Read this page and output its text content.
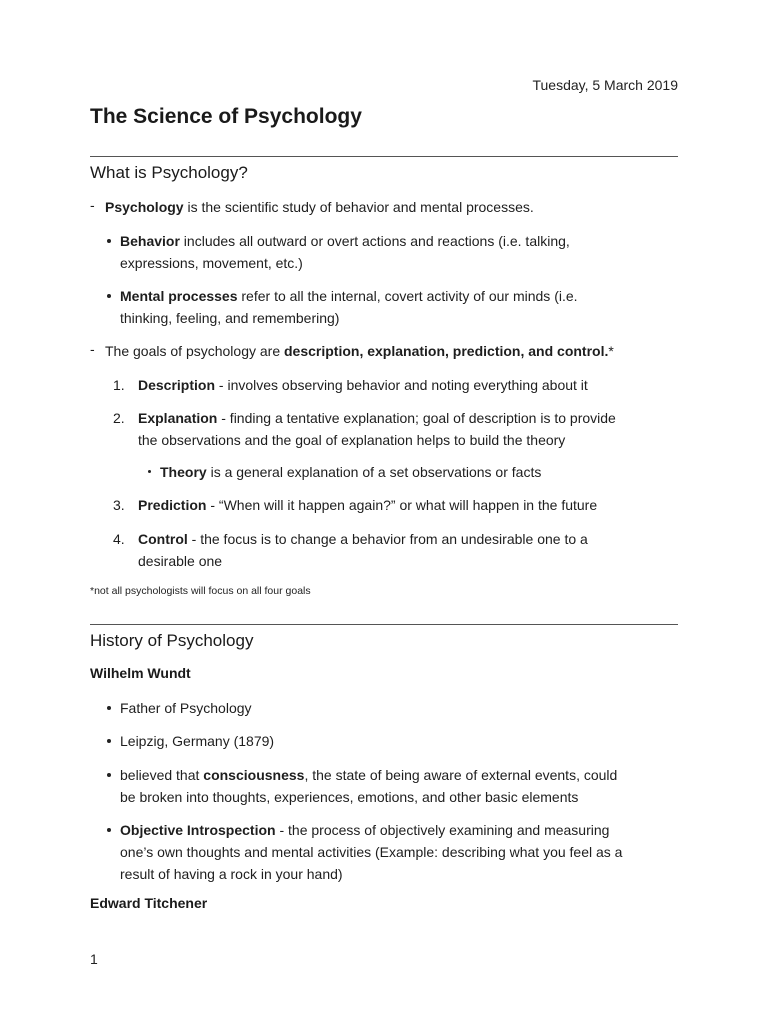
Tuesday, 5 March 2019
The Science of Psychology
What is Psychology?
- Psychology is the scientific study of behavior and mental processes.
Behavior includes all outward or overt actions and reactions (i.e. talking,
expressions, movement, etc.)
Mental processes refer to all the internal, covert activity of our minds (i.e.
thinking, feeling, and remembering)
- The goals of psychology are description, explanation, prediction, and control.*
1. Description - involves observing behavior and noting everything about it
2. Explanation - finding a tentative explanation; goal of description is to provide
the observations and the goal of explanation helps to build the theory
Theory is a general explanation of a set observations or facts
3. Prediction - “When will it happen again?” or what will happen in the future
4. Control - the focus is to change a behavior from an undesirable one to a
desirable one
*not all psychologists will focus on all four goals
History of Psychology
Wilhelm Wundt
Father of Psychology
Leipzig, Germany (1879)
believed that consciousness, the state of being aware of external events, could
be broken into thoughts, experiences, emotions, and other basic elements
Objective Introspection - the process of objectively examining and measuring
one’s own thoughts and mental activities (Example: describing what you feel as a
result of having a rock in your hand)
Edward Titchener
1
